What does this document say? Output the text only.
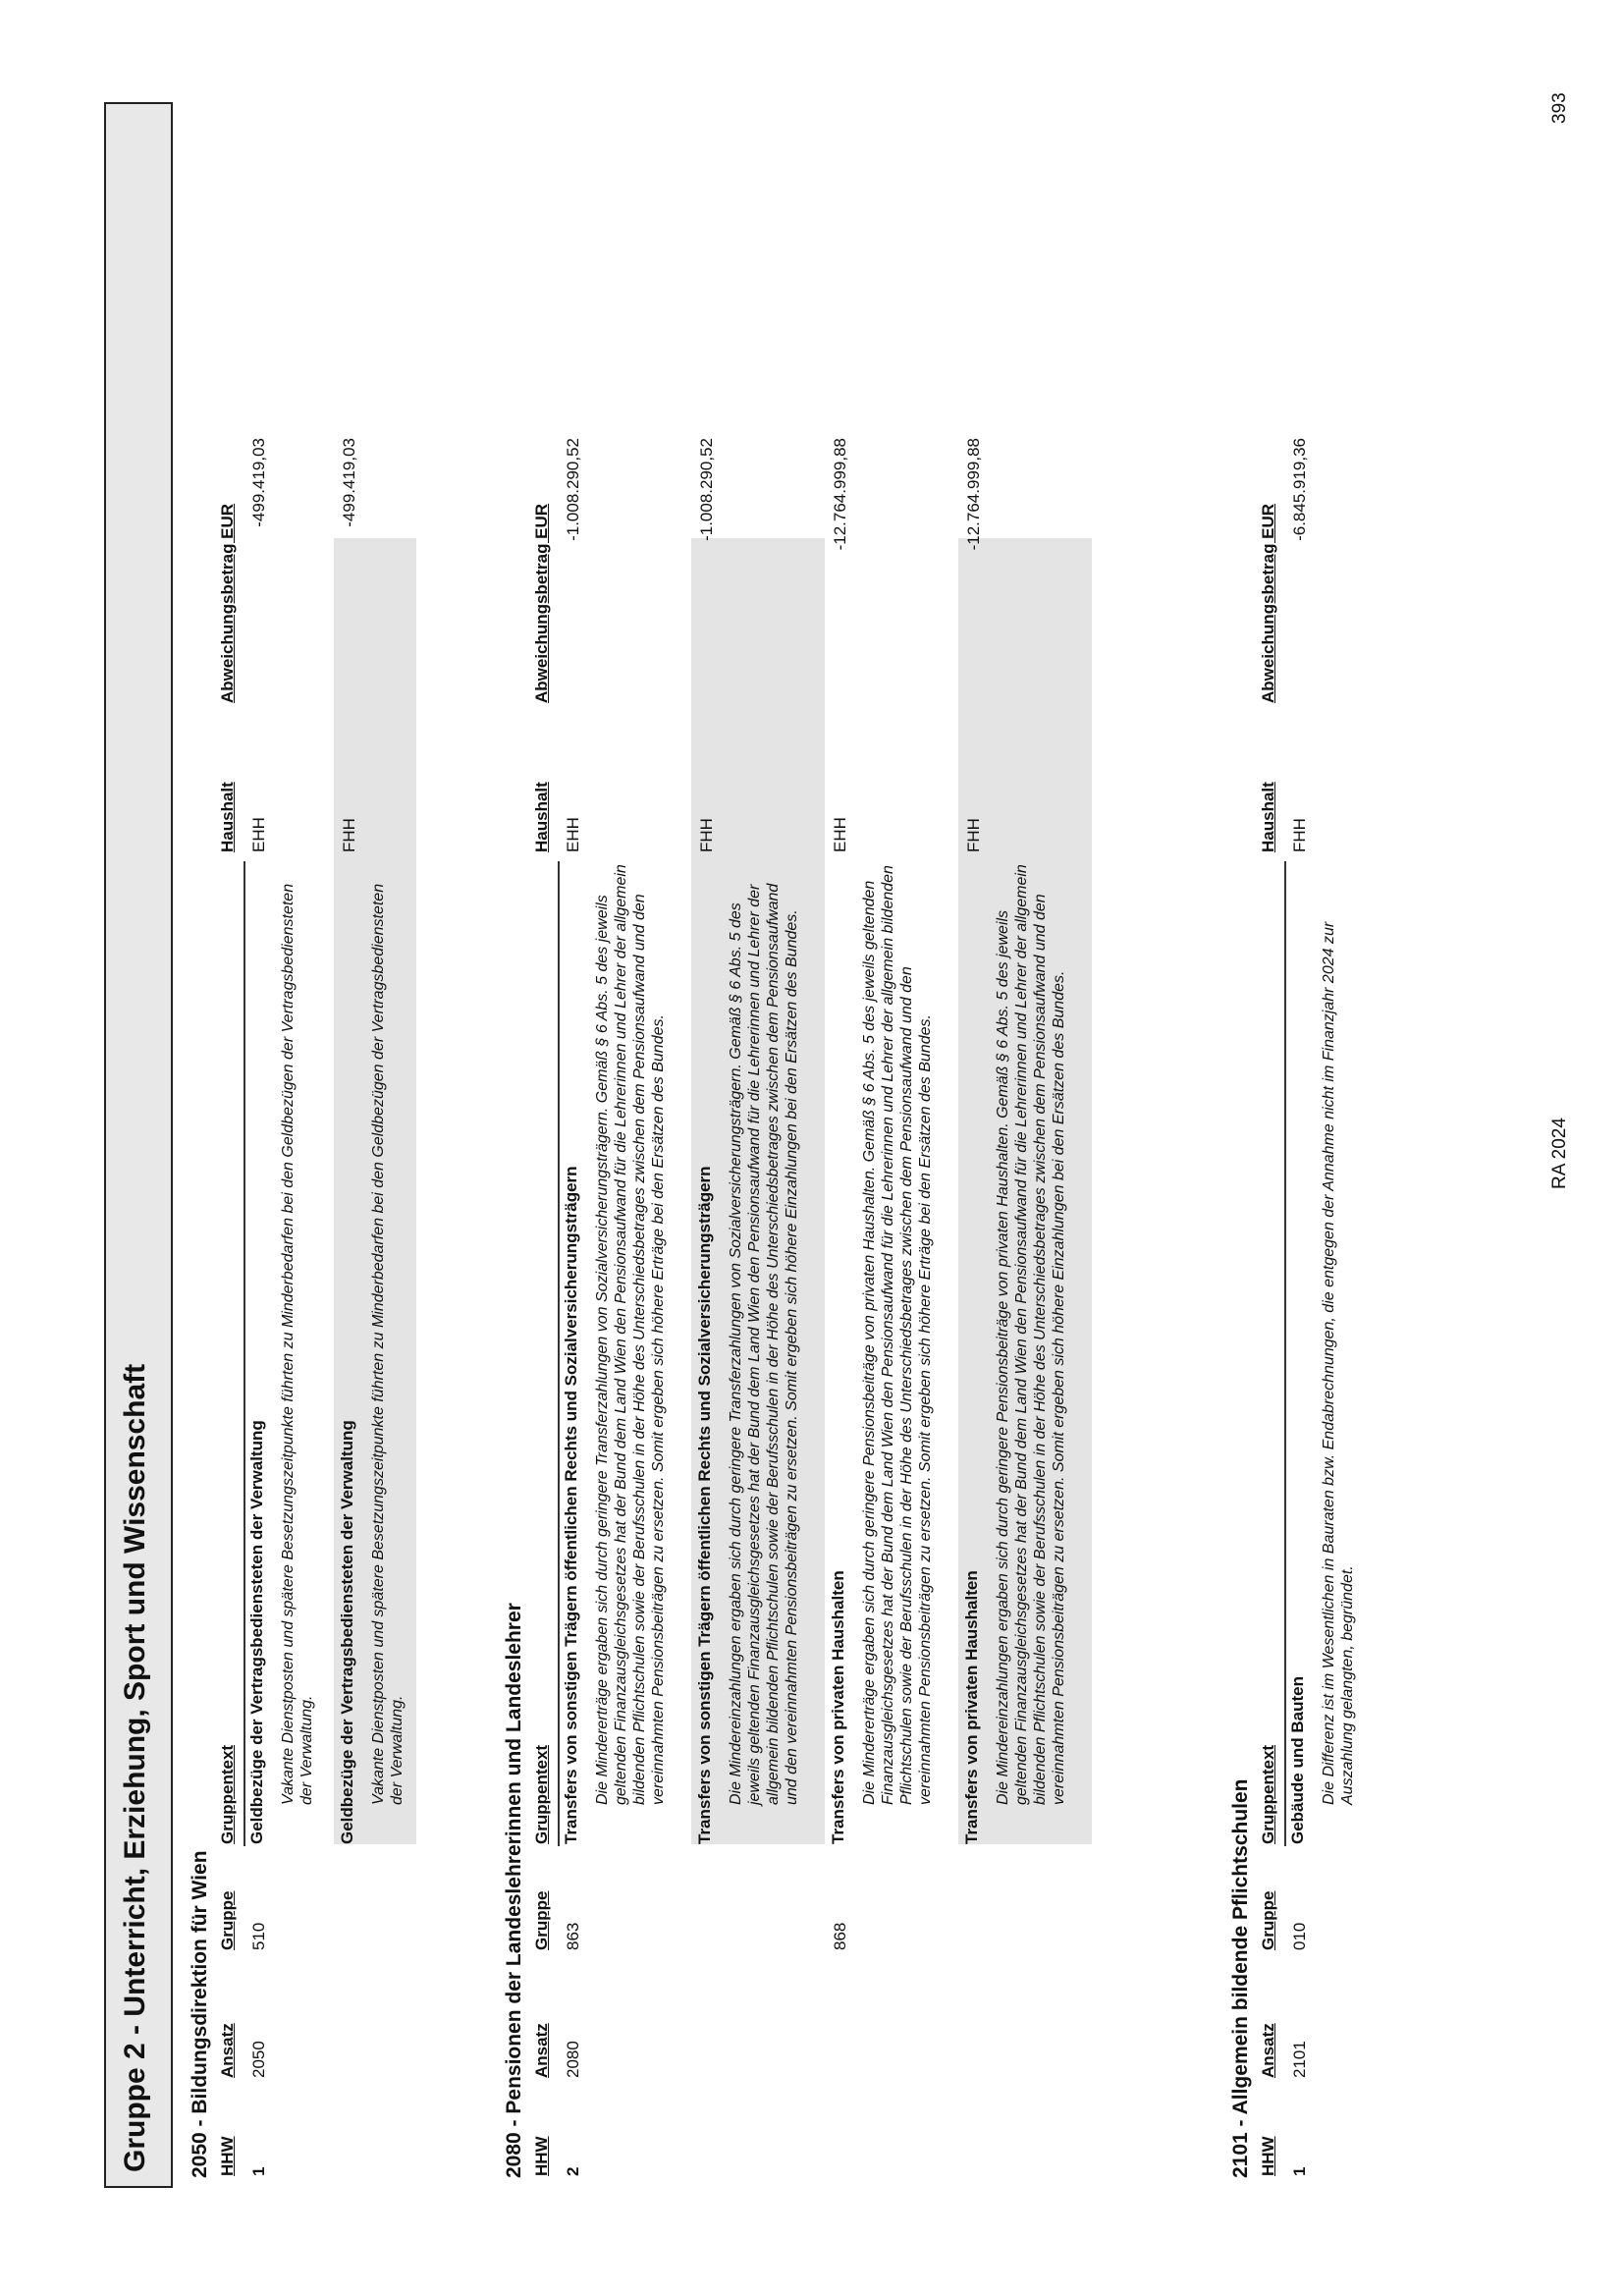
Gruppe 2 - Unterricht, Erziehung, Sport und Wissenschaft	2050 - Bildungsdirektion für Wien HHW
Ansatz
Gruppe
Gruppentext
Haushalt
Abweichungsbetrag EUR
1
2050
510
Geldbezüge der Vertragsbediensteten der Verwaltung Vakante Dienstposten und spätere Besetzungszeitpunkte führten zu Minderbedarfen bei den Geldbezügen der Vertragsbediensteten der Verwaltung.
EHH
-499.419,03
Geldbezüge der Vertragsbediensteten der Verwaltung Vakante Dienstposten und spätere Besetzungszeitpunkte führten zu Minderbedarfen bei den Geldbezügen der Vertragsbediensteten der Verwaltung.
FHH
-499.419,03
2080 - Pensionen der Landeslehrerinnen und Landeslehrer HHW
Ansatz
Gruppe
Gruppentext
Haushalt
Abweichungsbetrag EUR
2
2080
863
Transfers von sonstigen Trägern öffentlichen Rechts und Sozialversicherungsträgern Die Mindererträge ergaben sich durch geringere Transferzahlungen von Sozialversicherungsträgern. Gemäß § 6 Abs. 5 des jeweils geltenden Finanzausgleichsgesetzes hat der Bund dem Land Wien den Pensionsaufwand für die Lehrerinnen und Lehrer der allgemein bildenden Pflichtschulen sowie der Berufsschulen in der Höhe des Unterschiedsbetrages zwischen dem Pensionsaufwand und den vereinnahmten Pensionsbeiträgen zu ersetzen. Somit ergeben sich höhere Erträge bei den Ersätzen des Bundes.
EHH
-1.008.290,52
Transfers von sonstigen Trägern öffentlichen Rechts und Sozialversicherungsträgern Die Mindereinzahlungen ergaben sich durch geringere Transferzahlungen von Sozialversicherungsträgern. Gemäß § 6 Abs. 5 des jeweils geltenden Finanzausgleichsgesetzes hat der Bund dem Land Wien den Pensionsaufwand für die Lehrerinnen und Lehrer der allgemein bildenden Pflichtschulen sowie der Berufsschulen in der Höhe des Unterschiedsbetrages zwischen dem Pensionsaufwand und den vereinnahmten Pensionsbeiträgen zu ersetzen. Somit ergeben sich höhere Einzahlungen bei den Ersätzen des Bundes.
FHH
-1.008.290,52
868
Transfers von privaten Haushalten Die Mindererträge ergaben sich durch geringere Pensionsbeiträge von privaten Haushalten. Gemäß § 6 Abs. 5 des jeweils geltenden Finanzausgleichsgesetzes hat der Bund dem Land Wien den Pensionsaufwand für die Lehrerinnen und Lehrer der allgemein bildenden Pflichtschulen sowie der Berufsschulen in der Höhe des Unterschiedsbetrages zwischen dem Pensionsaufwand und den vereinnahmten Pensionsbeiträgen zu ersetzen. Somit ergeben sich höhere Erträge bei den Ersätzen des Bundes.
EHH
-12.764.999,88
Transfers von privaten Haushalten Die Mindereinzahlungen ergaben sich durch geringere Pensionsbeiträge von privaten Haushalten. Gemäß § 6 Abs. 5 des jeweils geltenden Finanzausgleichsgesetzes hat der Bund dem Land Wien den Pensionsaufwand für die Lehrerinnen und Lehrer der allgemein bildenden Pflichtschulen sowie der Berufsschulen in der Höhe des Unterschiedsbetrages zwischen dem Pensionsaufwand und den vereinnahmten Pensionsbeiträgen zu ersetzen. Somit ergeben sich höhere Einzahlungen bei den Ersätzen des Bundes.
FHH
-12.764.999,88
2101 - Allgemein bildende Pflichtschulen HHW
Ansatz
Gruppe
Gruppentext
Haushalt
Abweichungsbetrag EUR
1
2101
010
Gebäude und Bauten Die Differenz ist im Wesentlichen in Bauraten bzw. Endabrechnungen, die entgegen der Annahme nicht im Finanzjahr 2024 zur Auszahlung gelangten, begründet.
FHH
-6.845.919,36
RA 2024
393
